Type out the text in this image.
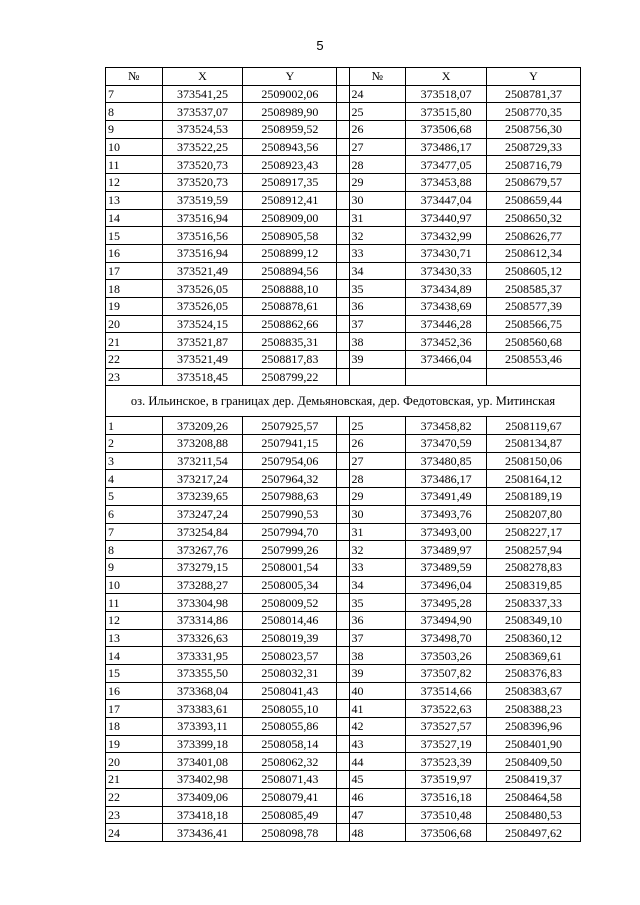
5
№	X	Y		№	X	Y
7	373541,25	2509002,06		24	373518,07	2508781,37
8	373537,07	2508989,90		25	373515,80	2508770,35
9	373524,53	2508959,52		26	373506,68	2508756,30
10	373522,25	2508943,56		27	373486,17	2508729,33
11	373520,73	2508923,43		28	373477,05	2508716,79
12	373520,73	2508917,35		29	373453,88	2508679,57
13	373519,59	2508912,41		30	373447,04	2508659,44
14	373516,94	2508909,00		31	373440,97	2508650,32
15	373516,56	2508905,58		32	373432,99	2508626,77
16	373516,94	2508899,12		33	373430,71	2508612,34
17	373521,49	2508894,56		34	373430,33	2508605,12
18	373526,05	2508888,10		35	373434,89	2508585,37
19	373526,05	2508878,61		36	373438,69	2508577,39
20	373524,15	2508862,66		37	373446,28	2508566,75
21	373521,87	2508835,31		38	373452,36	2508560,68
22	373521,49	2508817,83		39	373466,04	2508553,46
23	373518,45	2508799,22				
оз. Ильинское, в границах дер. Демьяновская, дер. Федотовская, ур. Митинская						
1	373209,26	2507925,57		25	373458,82	2508119,67
2	373208,88	2507941,15		26	373470,59	2508134,87
3	373211,54	2507954,06		27	373480,85	2508150,06
4	373217,24	2507964,32		28	373486,17	2508164,12
5	373239,65	2507988,63		29	373491,49	2508189,19
6	373247,24	2507990,53		30	373493,76	2508207,80
7	373254,84	2507994,70		31	373493,00	2508227,17
8	373267,76	2507999,26		32	373489,97	2508257,94
9	373279,15	2508001,54		33	373489,59	2508278,83
10	373288,27	2508005,34		34	373496,04	2508319,85
11	373304,98	2508009,52		35	373495,28	2508337,33
12	373314,86	2508014,46		36	373494,90	2508349,10
13	373326,63	2508019,39		37	373498,70	2508360,12
14	373331,95	2508023,57		38	373503,26	2508369,61
15	373355,50	2508032,31		39	373507,82	2508376,83
16	373368,04	2508041,43		40	373514,66	2508383,67
17	373383,61	2508055,10		41	373522,63	2508388,23
18	373393,11	2508055,86		42	373527,57	2508396,96
19	373399,18	2508058,14		43	373527,19	2508401,90
20	373401,08	2508062,32		44	373523,39	2508409,50
21	373402,98	2508071,43		45	373519,97	2508419,37
22	373409,06	2508079,41		46	373516,18	2508464,58
23	373418,18	2508085,49		47	373510,48	2508480,53
24	373436,41	2508098,78		48	373506,68	2508497,62
